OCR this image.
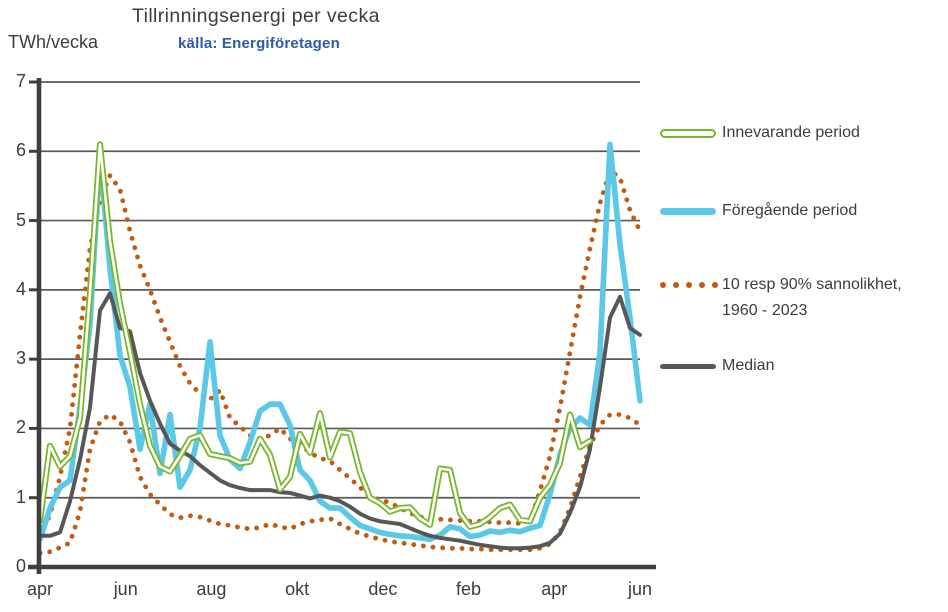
Tillrinningsenergi per vecka
TWh/vecka	källa: Energiföretagen
0
1
2
3
4
5
6
7
apr	jun	aug	okt	dec	feb	apr	jun
Innevarande period
Föregående period
10 resp 90% sannolikhet,
1960 - 2023
Median
